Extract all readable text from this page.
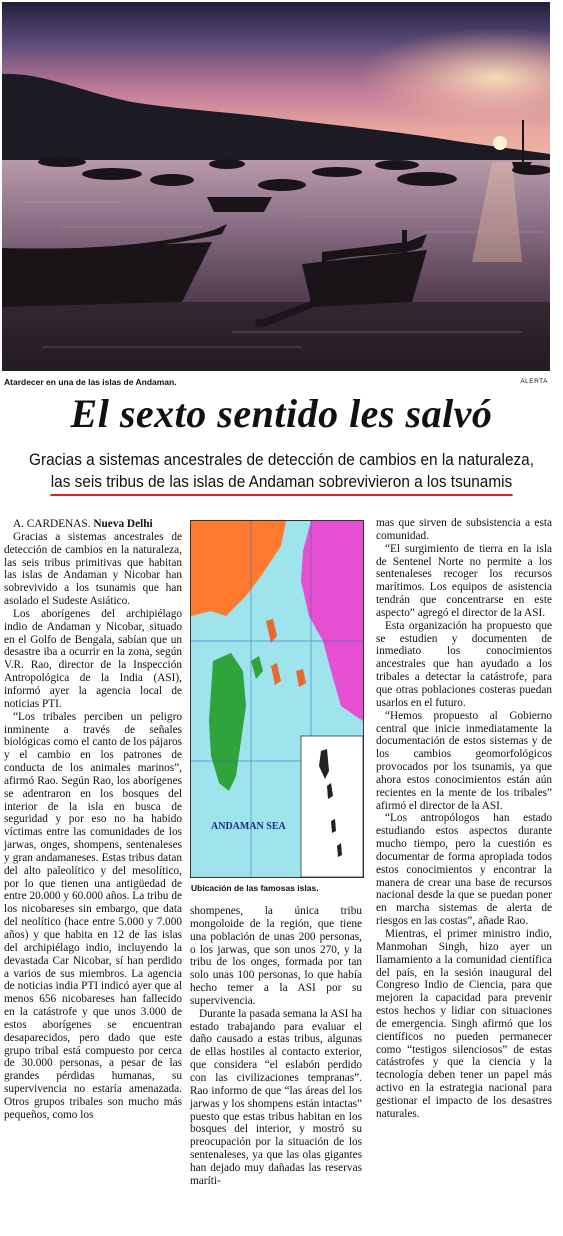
Atardecer en una de las islas de Andaman.	ALERTA
El sexto sentido les salvó
Gracias a sistemas ancestrales de detección de cambios en la naturaleza,
las seis tribus de las islas de Andaman sobrevivieron a los tsunamis

A. CARDENAS. Nueva Delhi

Gracias a sistemas ancestrales de detección de cambios en la naturaleza, las seis tribus primitivas que habitan las islas de Andaman y Nicobar han sobrevivido a los tsunamis que han asolado el Sudeste Asiático.

Los aborígenes del archipiélago indio de Andaman y Nicobar, situado en el Golfo de Bengala, sabían que un desastre iba a ocurrir en la zona, según V.R. Rao, director de la Inspección Antropológica de la India (ASI), informó ayer la agencia local de noticias PTI.

“Los tribales perciben un peligro inminente a través de señales biológicas como el canto de los pájaros y el cambio en los patrones de conducta de los animales marinos”, afirmó Rao. Según Rao, los aborígenes se adentraron en los bosques del interior de la isla en busca de seguridad y por eso no ha habido víctimas entre las comunidades de los jarwas, onges, shompens, sentenaleses y gran andamaneses. Estas tribus datan del alto paleolítico y del mesolítico, por lo que tienen una antigüedad de entre 20.000 y 60.000 años. La tribu de los nicobareses sin embargo, que data del neolítico (hace entre 5.000 y 7.000 años) y que habita en 12 de las islas del archipiélago indio, incluyendo la devastada Car Nicobar, sí han perdido a varios de sus miembros. La agencia de noticias india PTI indicó ayer que al menos 656 nicobareses han fallecido en la catástrofe y que unos 3.000 de estos aborígenes se encuentran desaparecidos, pero dado que este grupo tribal está compuesto por cerca de 30.000 personas, a pesar de las grandes pérdidas humanas, su supervivencia no estaría amenazada. Otros grupos tribales son mucho más pequeños, como los

ANDAMAN SEA
Ubicación de las famosas islas.

shompenes, la única tribu mongoloide de la región, que tiene una población de unas 200 personas, o los jarwas, que son unos 270, y la tribu de los onges, formada por tan solo unas 100 personas, lo que había hecho temer a la ASI por su supervivencia.

Durante la pasada semana la ASI ha estado trabajando para evaluar el daño causado a estas tribus, algunas de ellas hostiles al contacto exterior, que considera “el eslabón perdido con las civilizaciones tempranas”. Rao informo de que “las áreas del los jarwas y los shompens están intactas” puesto que estas tribus habitan en los bosques del interior, y mostró su preocupación por la situación de los sentenaleses, ya que las olas gigantes han dejado muy dañadas las reservas maríti-

mas que sirven de subsistencia a esta comunidad.

“El surgimiento de tierra en la isla de Sentenel Norte no permite a los sentenaleses recoger los recursos marítimos. Los equipos de asistencia tendrán que concentrarse en este aspecto” agregó el director de la ASI.

Esta organización ha propuesto que se estudien y documenten de inmediato los conocimientos ancestrales que han ayudado a los tribales a detectar la catástrofe, para que otras poblaciones costeras puedan usarlos en el futuro.

“Hemos propuesto al Gobierno central que inicie inmediatamente la documentación de estos sistemas y de los cambios geomorfológicos provocados por los tsunamis, ya que ahora estos conocimientos están aún recientes en la mente de los tribales” afirmó el director de la ASI.

“Los antropólogos han estado estudiando estos aspectos durante mucho tiempo, pero la cuestión es documentar de forma apropiada todos estos conocimientos y encontrar la manera de crear una base de recursos nacional desde la que se puedan poner en marcha sistemas de alerta de riesgos en las costas”, añade Rao.

Mientras, el primer ministro indio, Manmohan Singh, hizo ayer un llamamiento a la comunidad científica del país, en la sesión inaugural del Congreso Indio de Ciencia, para que mejoren la capacidad para prevenir estos hechos y lidiar con situaciones de emergencia. Singh afirmó que los científicos no pueden permanecer como “testigos silenciosos” de estas catástrofes y que la ciencia y la tecnología deben tener un papel más activo en la estrategia nacional para gestionar el impacto de los desastres naturales.
